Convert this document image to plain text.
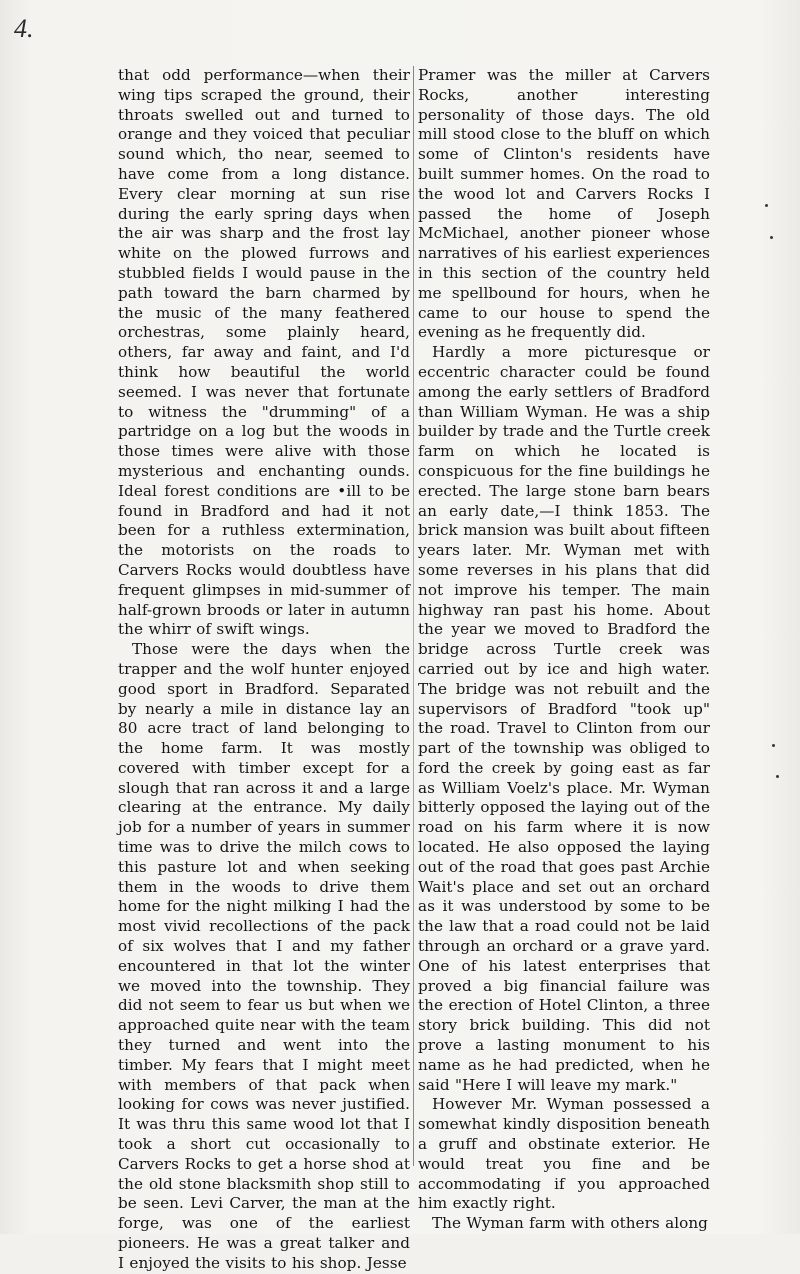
4.

that odd performance—when their wing tips scraped the ground, their throats swelled out and turned to orange and they voiced that peculiar sound which, tho near, seemed to have come from a long distance. Every clear morning at sun rise during the early spring days when the air was sharp and the frost lay white on the plowed furrows and stubbled fields I would pause in the path toward the barn charmed by the music of the many feathered orchestras, some plainly heard, others, far away and faint, and I'd think how beautiful the world seemed. I was never that fortunate to witness the "drumming" of a partridge on a log but the woods in those times were alive with those mysterious and enchanting ounds. Ideal forest conditions are •ill to be found in Bradford and had it not been for a ruthless extermination, the motorists on the roads to Carvers Rocks would doubtless have frequent glimpses in mid-summer of half-grown broods or later in autumn the whirr of swift wings.

Those were the days when the trapper and the wolf hunter enjoyed good sport in Bradford. Separated by nearly a mile in distance lay an 80 acre tract of land belonging to the home farm. It was mostly covered with timber except for a slough that ran across it and a large clearing at the entrance. My daily job for a number of years in summer time was to drive the milch cows to this pasture lot and when seeking them in the woods to drive them home for the night milking I had the most vivid recollections of the pack of six wolves that I and my father encountered in that lot the winter we moved into the township. They did not seem to fear us but when we approached quite near with the team they turned and went into the timber. My fears that I might meet with members of that pack when looking for cows was never justified. It was thru this same wood lot that I took a short cut occasionally to Carvers Rocks to get a horse shod at the old stone blacksmith shop still to be seen. Levi Carver, the man at the forge, was one of the earliest pioneers. He was a great talker and I enjoyed the visits to his shop. Jesse

Pramer was the miller at Carvers Rocks, another interesting personality of those days. The old mill stood close to the bluff on which some of Clinton's residents have built summer homes. On the road to the wood lot and Carvers Rocks I passed the home of Joseph McMichael, another pioneer whose narratives of his earliest experiences in this section of the country held me spellbound for hours, when he came to our house to spend the evening as he frequently did.

Hardly a more picturesque or eccentric character could be found among the early settlers of Bradford than William Wyman. He was a ship builder by trade and the Turtle creek farm on which he located is conspicuous for the fine buildings he erected. The large stone barn bears an early date,—I think 1853. The brick mansion was built about fifteen years later. Mr. Wyman met with some reverses in his plans that did not improve his temper. The main highway ran past his home. About the year we moved to Bradford the bridge across Turtle creek was carried out by ice and high water. The bridge was not rebuilt and the supervisors of Bradford "took up" the road. Travel to Clinton from our part of the township was obliged to ford the creek by going east as far as William Voelz's place. Mr. Wyman bitterly opposed the laying out of the road on his farm where it is now located. He also opposed the laying out of the road that goes past Archie Wait's place and set out an orchard as it was understood by some to be the law that a road could not be laid through an orchard or a grave yard. One of his latest enterprises that proved a big financial failure was the erection of Hotel Clinton, a three story brick building. This did not prove a lasting monument to his name as he had predicted, when he said "Here I will leave my mark."

However Mr. Wyman possessed a somewhat kindly disposition beneath a gruff and obstinate exterior. He would treat you fine and be accommodating if you approached him exactly right.

The Wyman farm with others along
